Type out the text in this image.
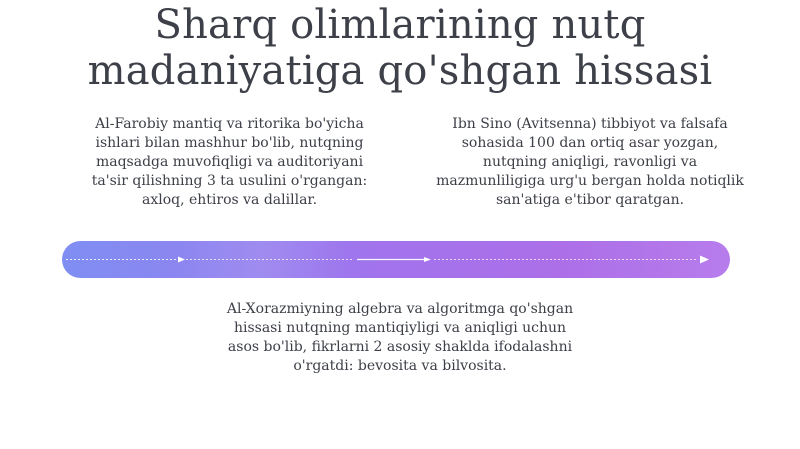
Sharq olimlarining nutq
madaniyatiga qo'shgan hissasi

Al-Farobiy mantiq va ritorika bo'yicha
ishlari bilan mashhur bo'lib, nutqning
maqsadga muvofiqligi va auditoriyani
ta'sir qilishning 3 ta usulini o'rgangan:
axloq, ehtiros va dalillar.

Ibn Sino (Avitsenna) tibbiyot va falsafa
sohasida 100 dan ortiq asar yozgan,
nutqning aniqligi, ravonligi va
mazmunliligiga urg'u bergan holda notiqlik
san'atiga e'tibor qaratgan.

Al-Xorazmiyning algebra va algoritmga qo'shgan
hissasi nutqning mantiqiyligi va aniqligi uchun
asos bo'lib, fikrlarni 2 asosiy shaklda ifodalashni
o'rgatdi: bevosita va bilvosita.
